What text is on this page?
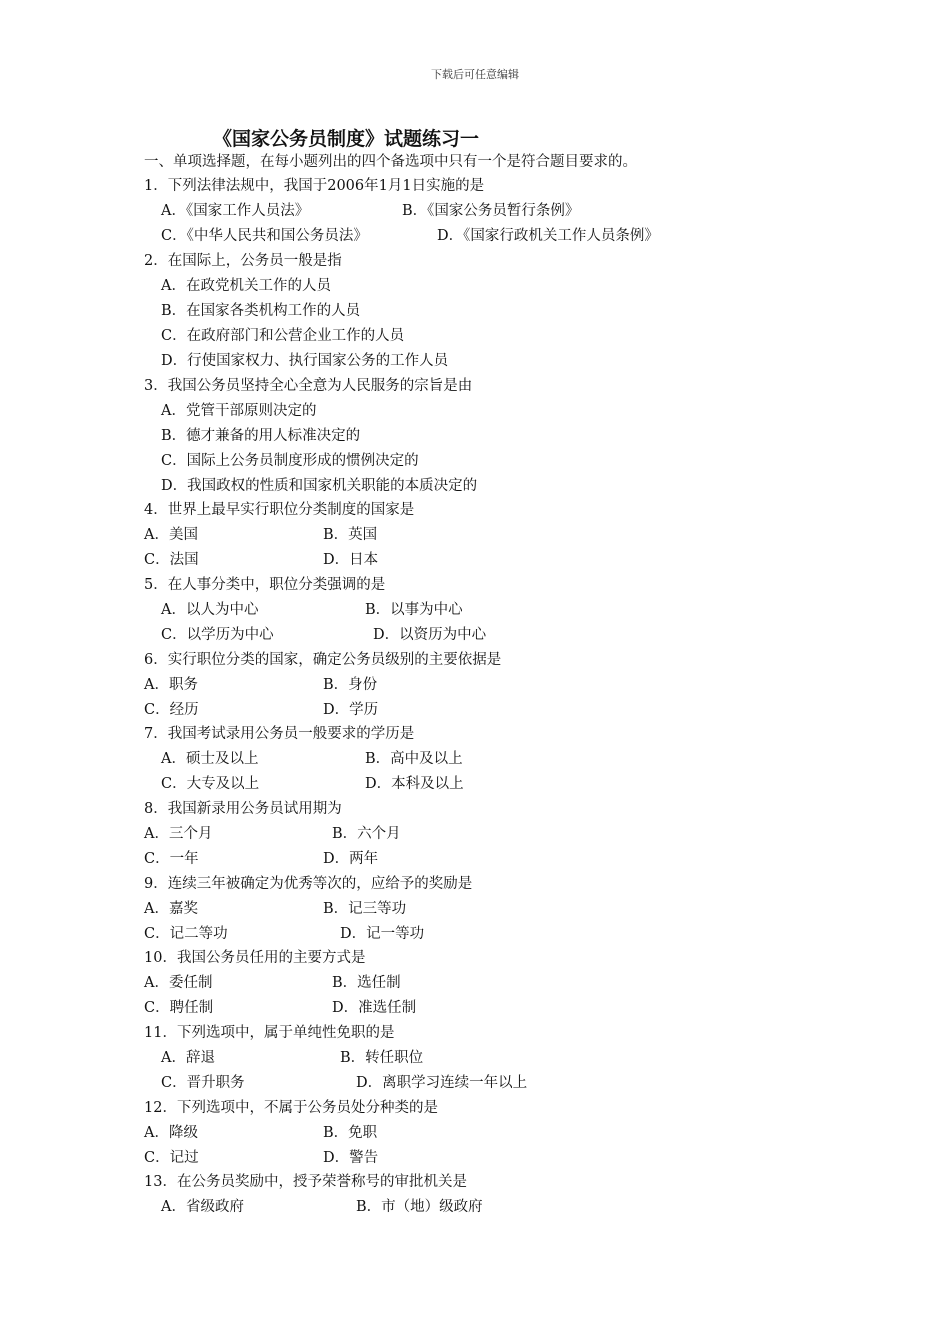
下载后可任意编辑
《国家公务员制度》试题练习一
一、单项选择题，在每小题列出的四个备选项中只有一个是符合题目要求的。
1．下列法律法规中，我国于2006年1月1日实施的是
A．《国家工作人员法》	B．《国家公务员暂行条例》
C．《中华人民共和国公务员法》	D．《国家行政机关工作人员条例》
2．在国际上，公务员一般是指
A．在政党机关工作的人员
B．在国家各类机构工作的人员
C．在政府部门和公营企业工作的人员
D．行使国家权力、执行国家公务的工作人员
3．我国公务员坚持全心全意为人民服务的宗旨是由
A．党管干部原则决定的
B．德才兼备的用人标准决定的
C．国际上公务员制度形成的惯例决定的
D．我国政权的性质和国家机关职能的本质决定的
4．世界上最早实行职位分类制度的国家是
A．美国	B．英国
C．法国	D．日本
5．在人事分类中，职位分类强调的是
A．以人为中心	B．以事为中心
C．以学历为中心	D．以资历为中心
6．实行职位分类的国家，确定公务员级别的主要依据是
A．职务	B．身份
C．经历	D．学历
7．我国考试录用公务员一般要求的学历是
A．硕士及以上	B．高中及以上
C．大专及以上	D．本科及以上
8．我国新录用公务员试用期为
A．三个月	B．六个月
C．一年	D．两年
9．连续三年被确定为优秀等次的，应给予的奖励是
A．嘉奖	B．记三等功
C．记二等功	D．记一等功
10．我国公务员任用的主要方式是
A．委任制	B．选任制
C．聘任制	D．准选任制
11．下列选项中，属于单纯性免职的是
A．辞退	B．转任职位
C．晋升职务	D．离职学习连续一年以上
12．下列选项中，不属于公务员处分种类的是
A．降级	B．免职
C．记过	D．警告
13．在公务员奖励中，授予荣誉称号的审批机关是
A．省级政府	B．市（地）级政府
